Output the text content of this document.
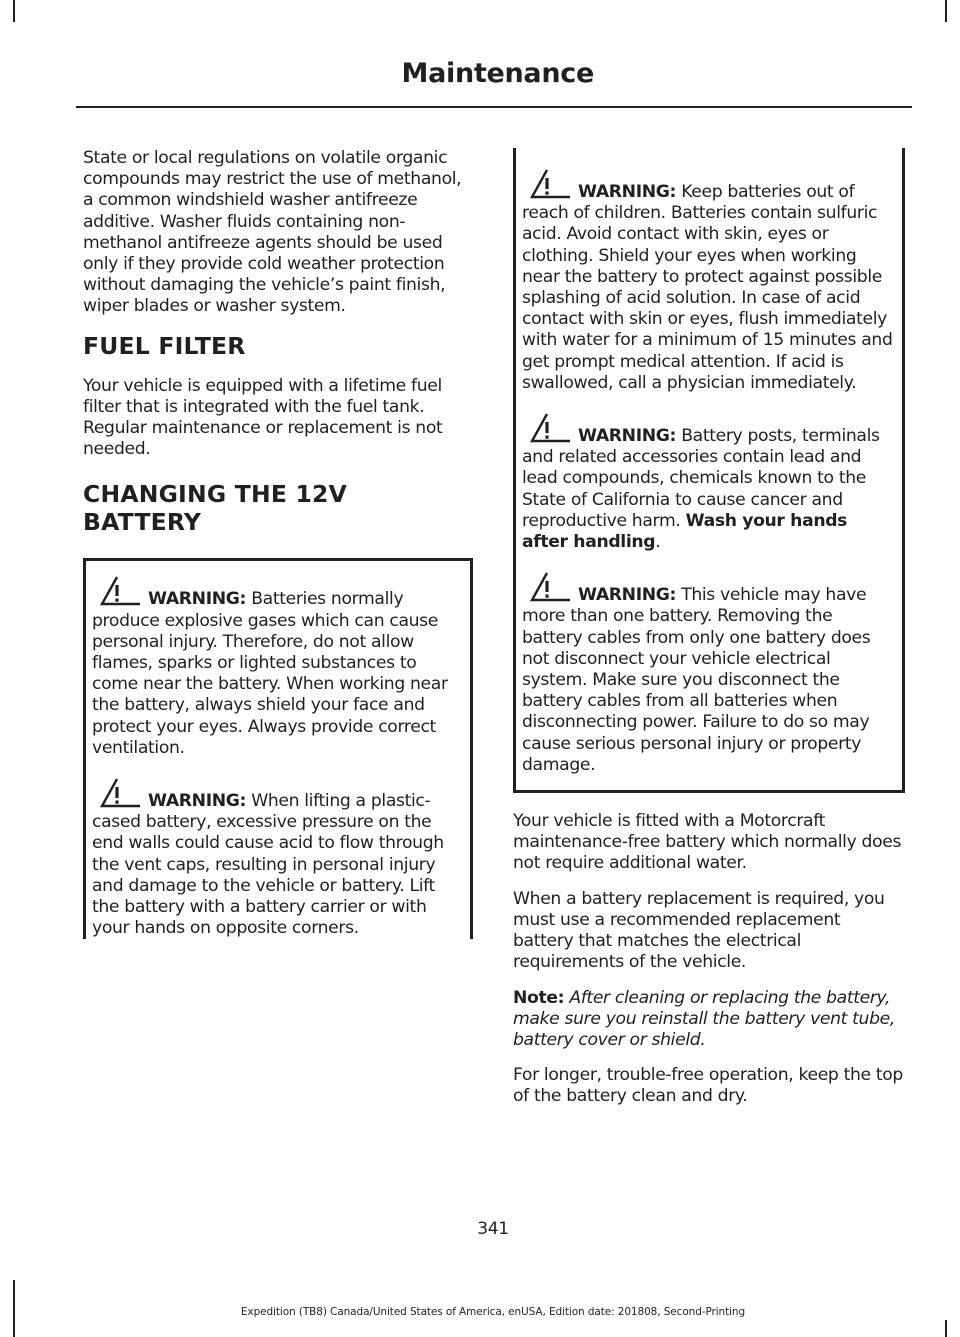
Maintenance

State or local regulations on volatile organic compounds may restrict the use of methanol, a common windshield washer antifreeze additive. Washer fluids containing non-methanol antifreeze agents should be used only if they provide cold weather protection without damaging the vehicle’s paint finish, wiper blades or washer system.

FUEL FILTER

Your vehicle is equipped with a lifetime fuel filter that is integrated with the fuel tank. Regular maintenance or replacement is not needed.

CHANGING THE 12V BATTERY
WARNING: Batteries normally produce explosive gases which can cause personal injury. Therefore, do not allow flames, sparks or lighted substances to come near the battery. When working near the battery, always shield your face and protect your eyes. Always provide correct ventilation.
WARNING: When lifting a plastic-cased battery, excessive pressure on the end walls could cause acid to flow through the vent caps, resulting in personal injury and damage to the vehicle or battery. Lift the battery with a battery carrier or with your hands on opposite corners.
WARNING: Keep batteries out of reach of children. Batteries contain sulfuric acid. Avoid contact with skin, eyes or clothing. Shield your eyes when working near the battery to protect against possible splashing of acid solution. In case of acid contact with skin or eyes, flush immediately with water for a minimum of 15 minutes and get prompt medical attention. If acid is swallowed, call a physician immediately.
WARNING: Battery posts, terminals and related accessories contain lead and lead compounds, chemicals known to the State of California to cause cancer and reproductive harm. Wash your hands after handling.
WARNING: This vehicle may have more than one battery. Removing the battery cables from only one battery does not disconnect your vehicle electrical system. Make sure you disconnect the battery cables from all batteries when disconnecting power. Failure to do so may cause serious personal injury or property damage.

Your vehicle is fitted with a Motorcraft maintenance-free battery which normally does not require additional water.

When a battery replacement is required, you must use a recommended replacement battery that matches the electrical requirements of the vehicle.

Note: After cleaning or replacing the battery, make sure you reinstall the battery vent tube, battery cover or shield.

For longer, trouble-free operation, keep the top of the battery clean and dry.

341

Expedition (TB8) Canada/United States of America, enUSA, Edition date: 201808, Second-Printing
